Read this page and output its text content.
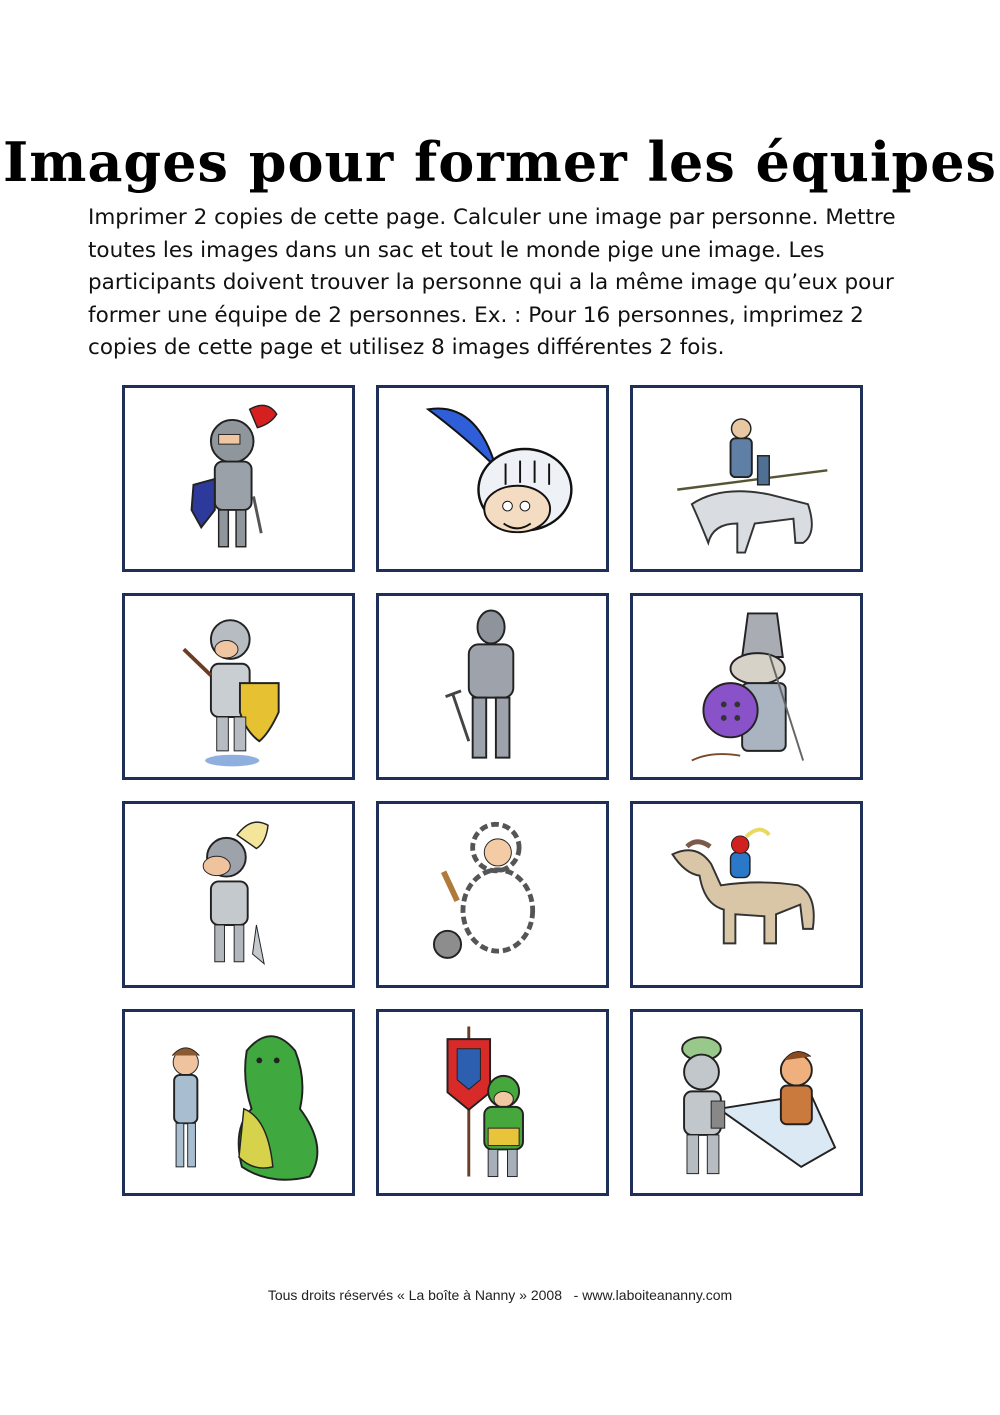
Images pour former les équipes
Imprimer 2 copies de cette page. Calculer une image par personne. Mettre
toutes les images dans un sac et tout le monde pige une image. Les
participants doivent trouver la personne qui a la même image qu’eux pour
former une équipe de 2 personnes. Ex. : Pour 16 personnes, imprimez 2
copies de cette page et utilisez 8 images différentes 2 fois.
Tous droits réservés « La boîte à Nanny » 2008   - www.laboiteananny.com
